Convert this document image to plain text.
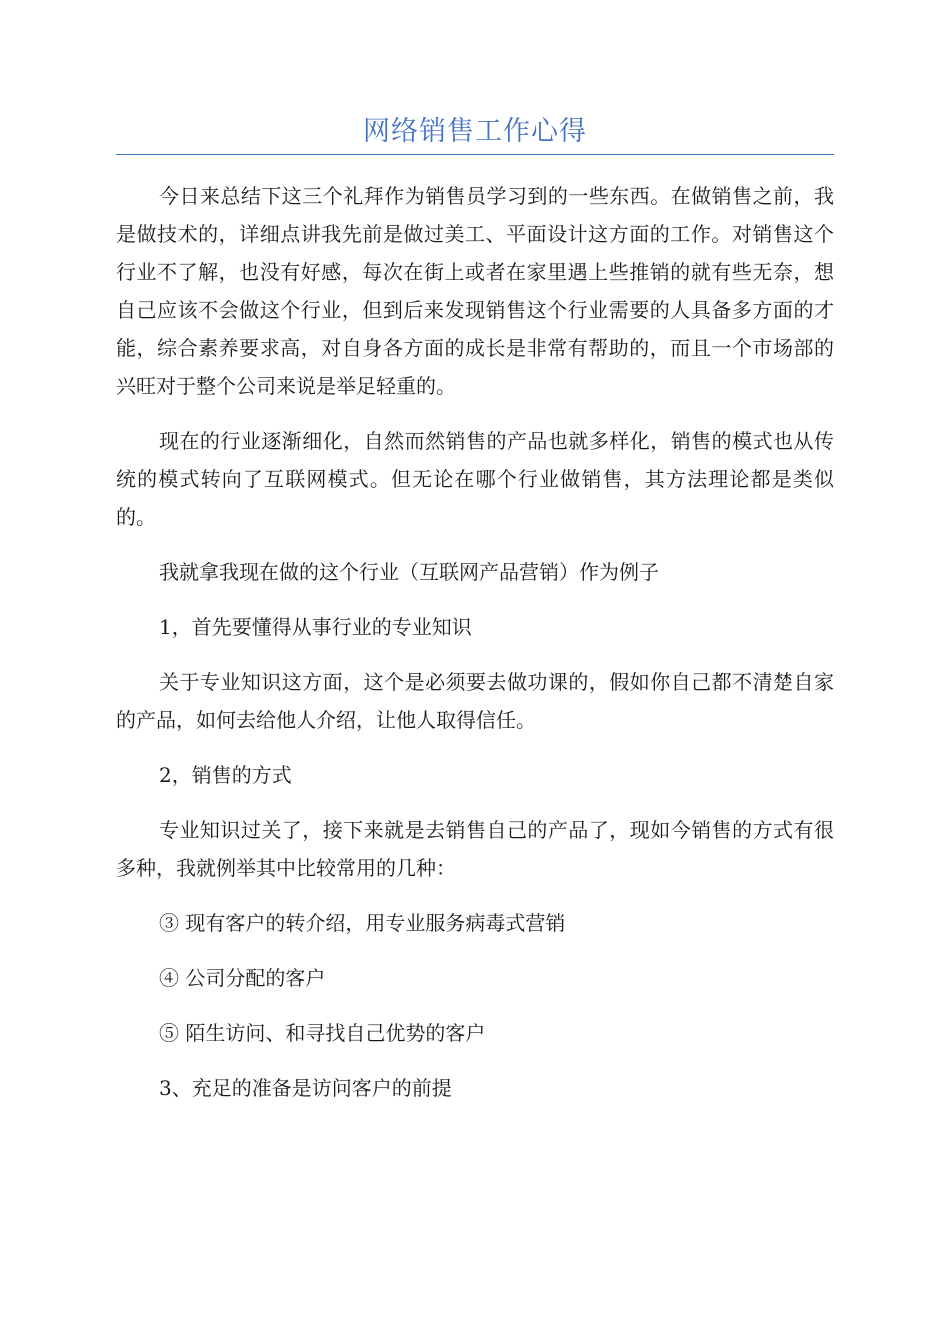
网络销售工作心得

今日来总结下这三个礼拜作为销售员学习到的一些东西。在做销售之前，我是做技术的，详细点讲我先前是做过美工、平面设计这方面的工作。对销售这个行业不了解，也没有好感，每次在街上或者在家里遇上些推销的就有些无奈，想自己应该不会做这个行业，但到后来发现销售这个行业需要的人具备多方面的才能，综合素养要求高，对自身各方面的成长是非常有帮助的，而且一个市场部的兴旺对于整个公司来说是举足轻重的。

现在的行业逐渐细化，自然而然销售的产品也就多样化，销售的模式也从传统的模式转向了互联网模式。但无论在哪个行业做销售，其方法理论都是类似的。

我就拿我现在做的这个行业（互联网产品营销）作为例子

1，首先要懂得从事行业的专业知识

关于专业知识这方面，这个是必须要去做功课的，假如你自己都不清楚自家的产品，如何去给他人介绍，让他人取得信任。

2，销售的方式

专业知识过关了，接下来就是去销售自己的产品了，现如今销售的方式有很多种，我就例举其中比较常用的几种：

③ 现有客户的转介绍，用专业服务病毒式营销

④ 公司分配的客户

⑤ 陌生访问、和寻找自己优势的客户

3、充足的准备是访问客户的前提
